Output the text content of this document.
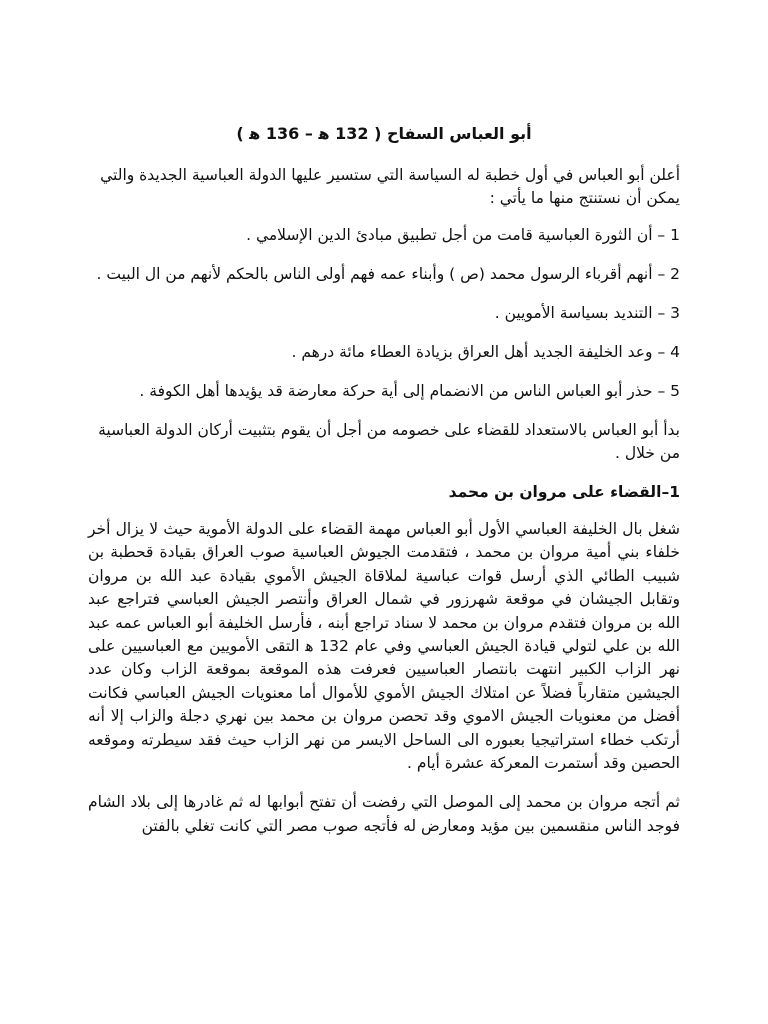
أبو العباس السفاح ( 132 ﻫ – 136 ﻫ )

أعلن أبو العباس في أول خطبة له السياسة التي ستسير عليها الدولة العباسية الجديدة والتي يمكن أن نستنتج منها ما يأتي :

1 – أن الثورة العباسية قامت من أجل تطبيق مبادئ الدين الإسلامي .

2 – أنهم أقرباء الرسول محمد (ص ) وأبناء عمه فهم أولى الناس بالحكم لأنهم من ال البيت .

3 – التنديد بسياسة الأمويين .

4 – وعد الخليفة الجديد أهل العراق بزيادة العطاء مائة درهم .

5 – حذر أبو العباس الناس من الانضمام إلى أية حركة معارضة قد يؤيدها أهل الكوفة .

بدأ أبو العباس بالاستعداد للقضاء على خصومه من أجل أن يقوم بتثبيت أركان الدولة العباسية من خلال .

1–القضاء على مروان بن محمد

شغل بال الخليفة العباسي الأول أبو العباس مهمة القضاء على الدولة الأموية حيث لا يزال أخر خلفاء بني أمية مروان بن محمد ، فتقدمت الجيوش العباسية صوب العراق بقيادة قحطبة بن شبيب الطائي الذي أرسل قوات عباسية لملاقاة الجيش الأموي بقيادة عبد الله بن مروان وتقابل الجيشان في موقعة شهرزور في شمال العراق وأنتصر الجيش العباسي فتراجع عبد الله بن مروان فتقدم مروان بن محمد لا سناد تراجع أبنه ، فأرسل الخليفة أبو العباس عمه عبد الله بن علي لتولي قيادة الجيش العباسي وفي عام 132 ﻫ التقى الأمويين مع العباسيين على نهر الزاب الكبير انتهت بانتصار العباسيين فعرفت هذه الموقعة بموقعة الزاب وكان عدد الجيشين متقارباً فضلاً عن امتلاك الجيش الأموي للأموال أما معنويات الجيش العباسي فكانت أفضل من معنويات الجيش الاموي وقد تحصن مروان بن محمد بين نهري دجلة والزاب إلا أنه أرتكب خطاء استراتيجيا بعبوره الى الساحل الايسر من نهر الزاب حيث فقد سيطرته وموقعه الحصين وقد أستمرت المعركة عشرة أيام .

ثم أتجه مروان بن محمد إلى الموصل التي رفضت أن تفتح أبوابها له ثم غادرها إلى بلاد الشام فوجد الناس منقسمين بين مؤيد ومعارض له فأتجه صوب مصر التي كانت تغلي بالفتن
